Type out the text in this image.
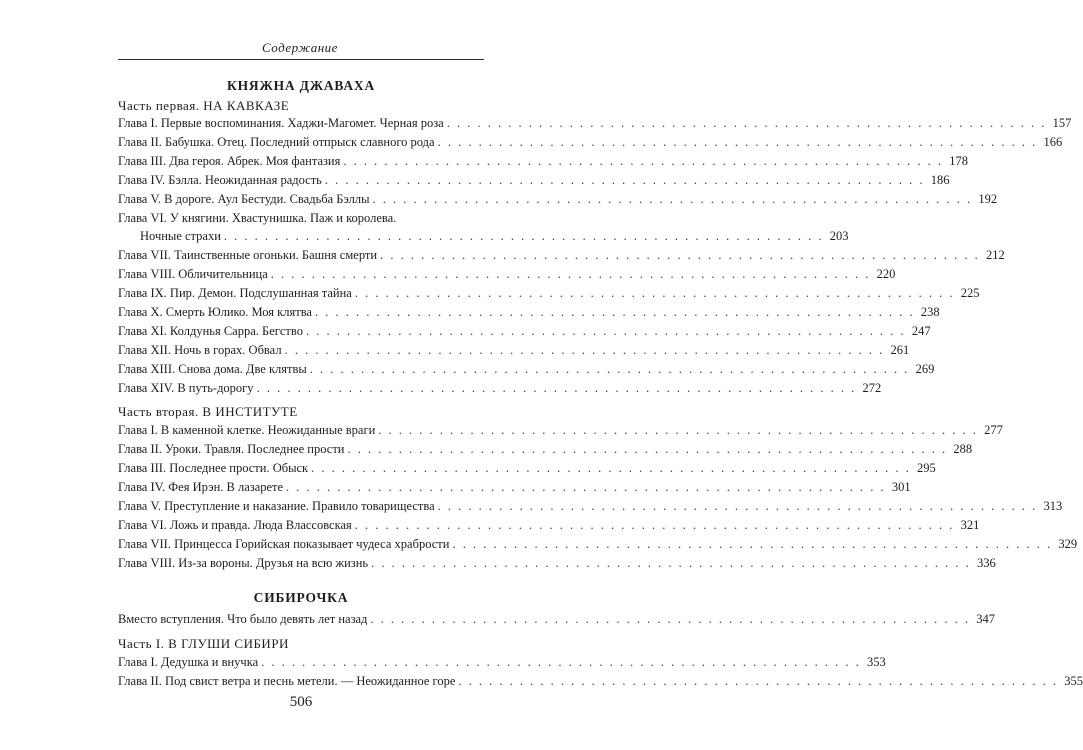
Содержание
КНЯЖНА ДЖАВАХА
Часть первая. НА КАВКАЗЕ
Глава I. Первые воспоминания. Хаджи-Магомет. Черная роза . . .	157
Глава II. Бабушка. Отец. Последний отпрыск славного рода . . .	166
Глава III. Два героя. Абрек. Моя фантазия . . .	178
Глава IV. Бэлла. Неожиданная радость . . .	186
Глава V. В дороге. Аул Бестуди. Свадьба Бэллы . . .	192
Глава VI. У княгини. Хвастунишка. Паж и королева.
Ночные страхи . . .	203
Глава VII. Таинственные огоньки. Башня смерти . . .	212
Глава VIII. Обличительница . . .	220
Глава IX. Пир. Демон. Подслушанная тайна . . .	225
Глава X. Смерть Юлико. Моя клятва . . .	238
Глава XI. Колдунья Сарра. Бегство . . .	247
Глава XII. Ночь в горах. Обвал . . .	261
Глава XIII. Снова дома. Две клятвы . . .	269
Глава XIV. В путь-дорогу . . .	272
Часть вторая. В ИНСТИТУТЕ
Глава I. В каменной клетке. Неожиданные враги . . .	277
Глава II. Уроки. Травля. Последнее прости . . .	288
Глава III. Последнее прости. Обыск . . .	295
Глава IV. Фея Ирэн. В лазарете . . .	301
Глава V. Преступление и наказание. Правило товарищества . . .	313
Глава VI. Ложь и правда. Люда Влассовская . . .	321
Глава VII. Принцесса Горийская показывает чудеса храбрости . . .	329
Глава VIII. Из-за вороны. Друзья на всю жизнь . . .	336
СИБИРОЧКА
Вместо вступления. Что было девять лет назад . . .	347
Часть I. В ГЛУШИ СИБИРИ
Глава I. Дедушка и внучка . . .	353
Глава II. Под свист ветра и песнь метели. — Неожиданное горе . . .	355
506
